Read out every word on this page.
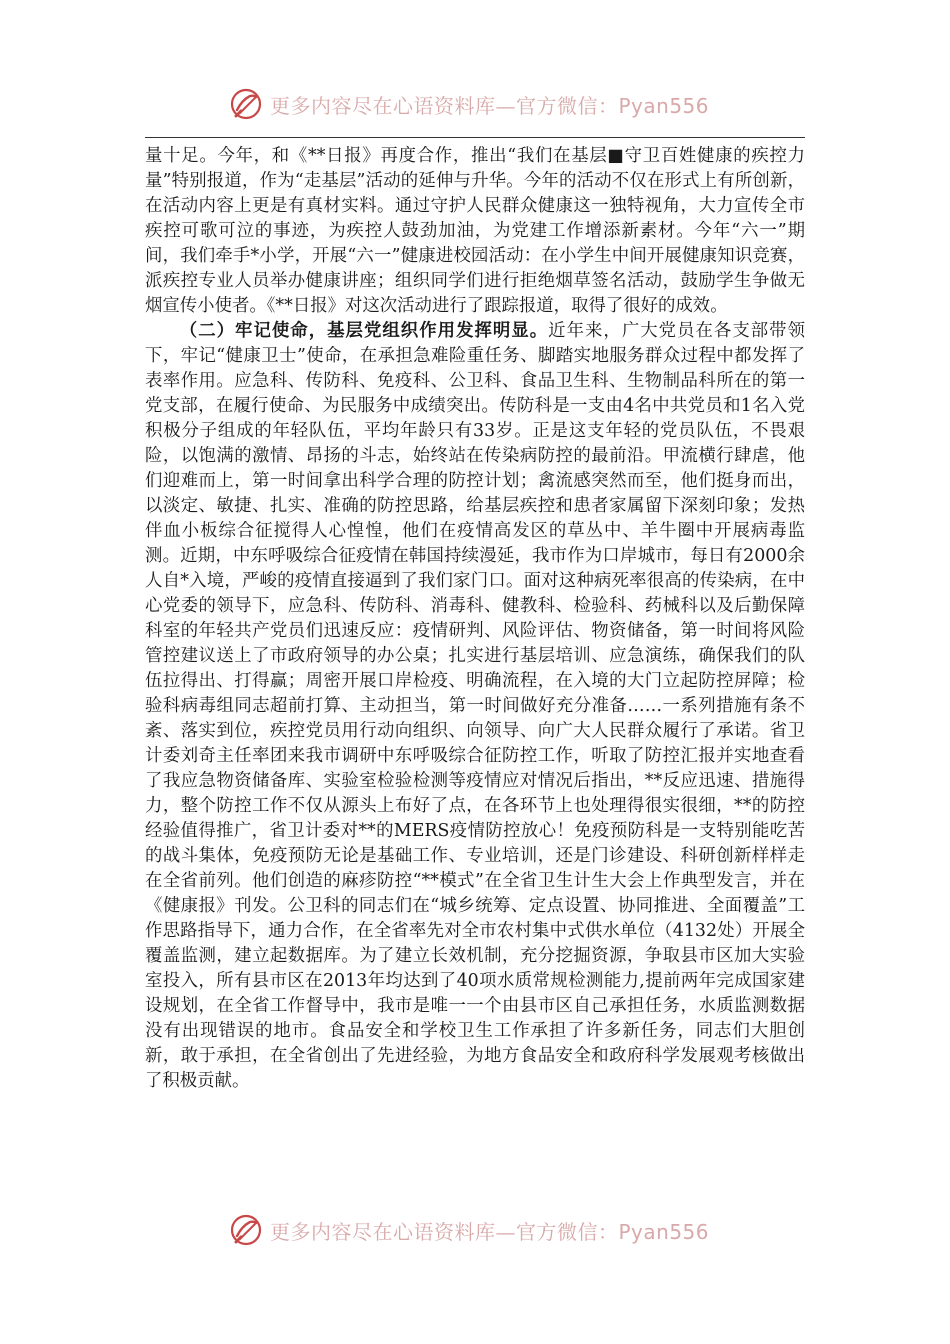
更多内容尽在心语资料库—官方微信：Pyan556

量十足。今年，和《**日报》再度合作，推出“我们在基层■守卫百姓健康的疾控力量”特别报道，作为“走基层”活动的延伸与升华。今年的活动不仅在形式上有所创新，在活动内容上更是有真材实料。通过守护人民群众健康这一独特视角，大力宣传全市疾控可歌可泣的事迹，为疾控人鼓劲加油，为党建工作增添新素材。今年“六一”期间，我们牵手*小学，开展“六一”健康进校园活动：在小学生中间开展健康知识竞赛，派疾控专业人员举办健康讲座；组织同学们进行拒绝烟草签名活动，鼓励学生争做无烟宣传小使者。《**日报》对这次活动进行了跟踪报道，取得了很好的成效。

（二）牢记使命，基层党组织作用发挥明显。近年来，广大党员在各支部带领下，牢记“健康卫士”使命，在承担急难险重任务、脚踏实地服务群众过程中都发挥了表率作用。应急科、传防科、免疫科、公卫科、食品卫生科、生物制品科所在的第一党支部，在履行使命、为民服务中成绩突出。传防科是一支由4名中共党员和1名入党积极分子组成的年轻队伍，平均年龄只有33岁。正是这支年轻的党员队伍，不畏艰险，以饱满的激情、昂扬的斗志，始终站在传染病防控的最前沿。甲流横行肆虐，他们迎难而上，第一时间拿出科学合理的防控计划；禽流感突然而至，他们挺身而出，以淡定、敏捷、扎实、准确的防控思路，给基层疾控和患者家属留下深刻印象；发热伴血小板综合征搅得人心惶惶，他们在疫情高发区的草丛中、羊牛圈中开展病毒监测。近期，中东呼吸综合征疫情在韩国持续漫延，我市作为口岸城市，每日有2000余人自*入境，严峻的疫情直接逼到了我们家门口。面对这种病死率很高的传染病，在中心党委的领导下，应急科、传防科、消毒科、健教科、检验科、药械科以及后勤保障科室的年轻共产党员们迅速反应：疫情研判、风险评估、物资储备，第一时间将风险管控建议送上了市政府领导的办公桌；扎实进行基层培训、应急演练，确保我们的队伍拉得出、打得赢；周密开展口岸检疫、明确流程，在入境的大门立起防控屏障；检验科病毒组同志超前打算、主动担当，第一时间做好充分准备……一系列措施有条不紊、落实到位，疾控党员用行动向组织、向领导、向广大人民群众履行了承诺。省卫计委刘奇主任率团来我市调研中东呼吸综合征防控工作，听取了防控汇报并实地查看了我应急物资储备库、实验室检验检测等疫情应对情况后指出，**反应迅速、措施得力，整个防控工作不仅从源头上布好了点，在各环节上也处理得很实很细，**的防控经验值得推广，省卫计委对**的MERS疫情防控放心！免疫预防科是一支特别能吃苦的战斗集体，免疫预防无论是基础工作、专业培训，还是门诊建设、科研创新样样走在全省前列。他们创造的麻疹防控“**模式”在全省卫生计生大会上作典型发言，并在《健康报》刊发。公卫科的同志们在“城乡统筹、定点设置、协同推进、全面覆盖”工作思路指导下，通力合作，在全省率先对全市农村集中式供水单位（4132处）开展全覆盖监测，建立起数据库。为了建立长效机制，充分挖掘资源，争取县市区加大实验室投入，所有县市区在2013年均达到了40项水质常规检测能力,提前两年完成国家建设规划，在全省工作督导中，我市是唯一一个由县市区自己承担任务，水质监测数据没有出现错误的地市。食品安全和学校卫生工作承担了许多新任务，同志们大胆创新，敢于承担，在全省创出了先进经验，为地方食品安全和政府科学发展观考核做出了积极贡献。

更多内容尽在心语资料库—官方微信：Pyan556
